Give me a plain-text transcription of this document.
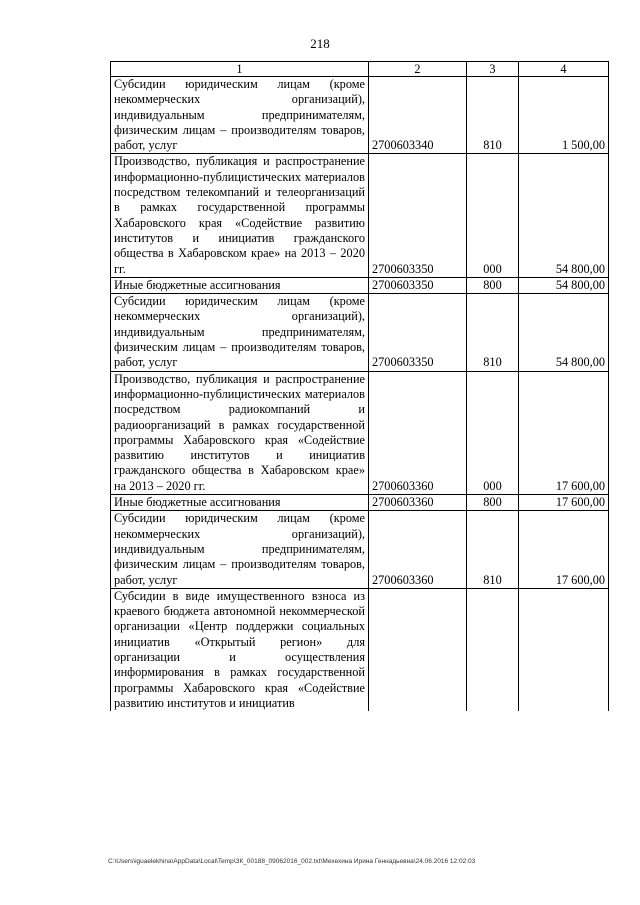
218
1	2	3	4
Субсидии юридическим лицам (кроме некоммерческих организаций), индивидуальным предпринимателям, физическим лицам – производителям товаров, работ, услуг	2700603340	810	1 500,00
Производство, публикация и распространение информационно-публицистических материалов посредством телекомпаний и телеорганизаций в рамках государственной программы Хабаровского края «Содействие развитию институтов и инициатив гражданского общества в Хабаровском крае» на 2013 – 2020 гг.	2700603350	000	54 800,00
Иные бюджетные ассигнования	2700603350	800	54 800,00
Субсидии юридическим лицам (кроме некоммерческих организаций), индивидуальным предпринимателям, физическим лицам – производителям товаров, работ, услуг	2700603350	810	54 800,00
Производство, публикация и распространение информационно-публицистических материалов посредством радиокомпаний и радиоорганизаций в рамках государственной программы Хабаровского края «Содействие развитию институтов и инициатив гражданского общества в Хабаровском крае» на 2013 – 2020 гг.	2700603360	000	17 600,00
Иные бюджетные ассигнования	2700603360	800	17 600,00
Субсидии юридическим лицам (кроме некоммерческих организаций), индивидуальным предпринимателям, физическим лицам – производителям товаров, работ, услуг	2700603360	810	17 600,00
Субсидии в виде имущественного взноса из краевого бюджета автономной некоммерческой организации «Центр поддержки социальных инициатив «Открытый регион» для организации и осуществления информирования в рамках государственной программы Хабаровского края «Содействие развитию институтов и инициатив			
C:\Users\iguaelekhina\AppData\Local\Temp\ЗК_00188_09062016_002.txt\Мехехина Ирина Геннадьевна\24.06.2016 12:02:03
